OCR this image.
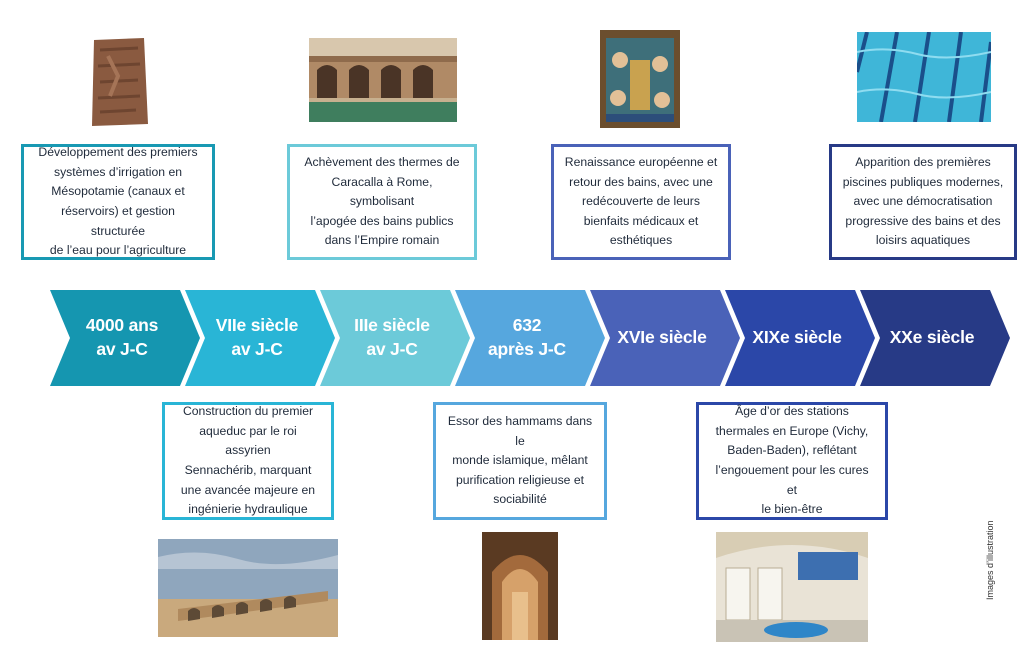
Développement des premiers
systèmes d’irrigation en
Mésopotamie (canaux et
réservoirs) et gestion structurée
de l’eau pour l’agriculture
Achèvement des thermes de
Caracalla à Rome, symbolisant
l’apogée des bains publics
dans l’Empire romain
Renaissance européenne et
retour des bains, avec une
redécouverte de leurs
bienfaits médicaux et
esthétiques
Apparition des premières
piscines publiques modernes,
avec une démocratisation
progressive des bains et des
loisirs aquatiques
4000 ans
av J-C
VIIe siècle
av J-C
IIIe siècle
av J-C
632
après J-C
XVIe siècle	XIXe siècle	XXe siècle
Construction du premier
aqueduc par le roi assyrien
Sennachérib, marquant
une avancée majeure en
ingénierie hydraulique
Essor des hammams dans le
monde islamique, mêlant
purification religieuse et
sociabilité
Âge d’or des stations
thermales en Europe (Vichy,
Baden-Baden), reflétant
l’engouement pour les cures et
le bien-être
Images d’illustration
